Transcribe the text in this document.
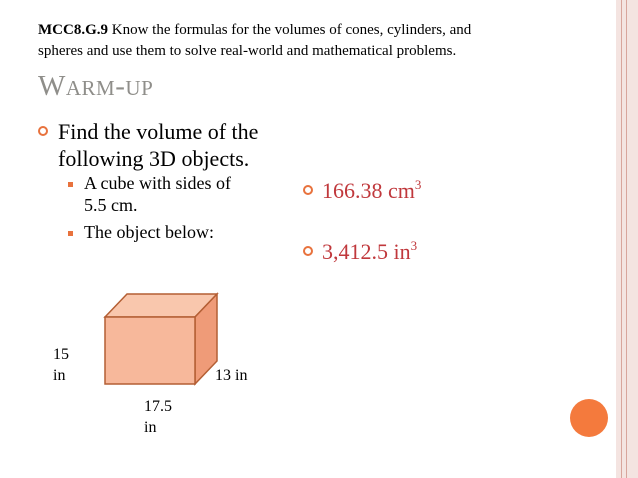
MCC8.G.9 Know the formulas for the volumes of cones, cylinders, and
spheres and use them to solve real-world and mathematical problems.
WARM-UP
Find the volume of the
following 3D objects.
A cube with sides of
5.5 cm.
The object below:
166.38 $cm^3$
3,412.5 $in^3$
15
in	13 in
17.5
in
